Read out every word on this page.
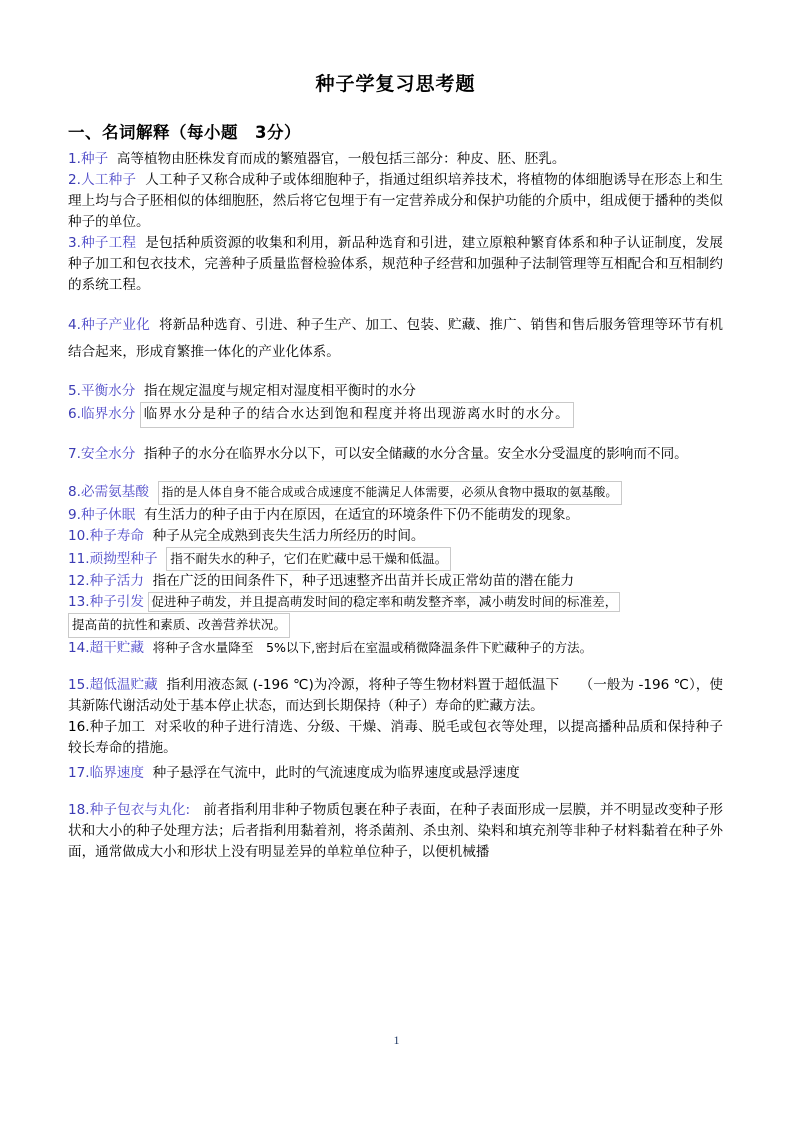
种子学复习思考题
一、名词解释（每小题　3分）

1.种子 高等植物由胚株发育而成的繁殖器官，一般包括三部分：种皮、胚、胚乳。

2.人工种子 人工种子又称合成种子或体细胞种子，指通过组织培养技术，将植物的体细胞诱导在形态上和生理上均与合子胚相似的体细胞胚，然后将它包埋于有一定营养成分和保护功能的介质中，组成便于播种的类似种子的单位。

3.种子工程 是包括种质资源的收集和利用，新品种选育和引进，建立原粮种繁育体系和种子认证制度，发展种子加工和包衣技术，完善种子质量监督检验体系，规范种子经营和加强种子法制管理等互相配合和互相制约的系统工程。

4.种子产业化 将新品种选育、引进、种子生产、加工、包装、贮藏、推广、销售和售后服务管理等环节有机结合起来，形成育繁推一体化的产业化体系。

5.平衡水分 指在规定温度与规定相对湿度相平衡时的水分

6.临界水分 临界水分是种子的结合水达到饱和程度并将出现游离水时的水分。

7.安全水分 指种子的水分在临界水分以下，可以安全储藏的水分含量。安全水分受温度的影响而不同。

8.必需氨基酸 指的是人体自身不能合成或合成速度不能满足人体需要，必须从食物中摄取的氨基酸。

9.种子休眠 有生活力的种子由于内在原因，在适宜的环境条件下仍不能萌发的现象。

10.种子寿命 种子从完全成熟到丧失生活力所经历的时间。

11.顽拗型种子 指不耐失水的种子，它们在贮藏中忌干燥和低温。

12.种子活力 指在广泛的田间条件下，种子迅速整齐出苗并长成正常幼苗的潜在能力

13.种子引发 促进种子萌发，并且提高萌发时间的稳定率和萌发整齐率，减小萌发时间的标准差，

提高苗的抗性和素质、改善营养状况。

14.超干贮藏 将种子含水量降至　5%以下,密封后在室温或稍微降温条件下贮藏种子的方法。

15.超低温贮藏 指利用液态氮 (-196 ℃)为冷源，将种子等生物材料置于超低温下　　（一般为 -196 ℃），使其新陈代谢活动处于基本停止状态，而达到长期保持（种子）寿命的贮藏方法。

16.种子加工 对采收的种子进行清选、分级、干燥、消毒、脱毛或包衣等处理，以提高播种品质和保持种子较长寿命的措施。

17.临界速度 种子悬浮在气流中，此时的气流速度成为临界速度或悬浮速度

18.种子包衣与丸化: 前者指利用非种子物质包裹在种子表面，在种子表面形成一层膜，并不明显改变种子形状和大小的种子处理方法；后者指利用黏着剂，将杀菌剂、杀虫剂、染料和填充剂等非种子材料黏着在种子外面，通常做成大小和形状上没有明显差异的单粒单位种子，以便机械播

1
